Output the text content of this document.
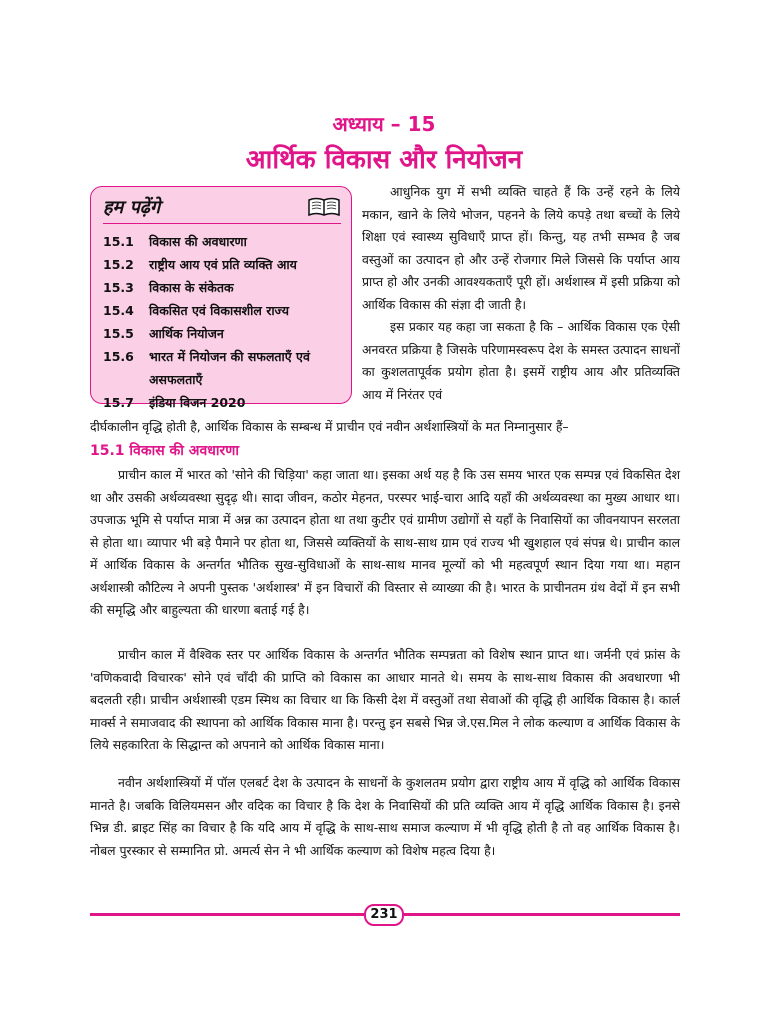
अध्याय – 15
आर्थिक विकास और नियोजन
हम पढ़ेंगे
15.1	विकास की अवधारणा
15.2	राष्ट्रीय आय एवं प्रति व्यक्ति आय
15.3	विकास के संकेतक
15.4	विकसित एवं विकासशील राज्य
15.5	आर्थिक नियोजन
15.6	भारत में नियोजन की सफलताएँ एवं असफलताएँ
15.7	इंडिया विजन 2020

आधुनिक युग में सभी व्यक्ति चाहते हैं कि उन्हें रहने के लिये मकान, खाने के लिये भोजन, पहनने के लिये कपड़े तथा बच्चों के लिये शिक्षा एवं स्वास्थ्य सुविधाएँ प्राप्त हों। किन्तु, यह तभी सम्भव है जब वस्तुओं का उत्पादन हो और उन्हें रोजगार मिले जिससे कि पर्याप्त आय प्राप्त हो और उनकी आवश्यकताएँ पूरी हों। अर्थशास्त्र में इसी प्रक्रिया को आर्थिक विकास की संज्ञा दी जाती है।

इस प्रकार यह कहा जा सकता है कि – आर्थिक विकास एक ऐसी अनवरत प्रक्रिया है जिसके परिणामस्वरूप देश के समस्त उत्पादन साधनों का कुशलतापूर्वक प्रयोग होता है। इसमें राष्ट्रीय आय और प्रतिव्यक्ति आय में निरंतर एवं

दीर्घकालीन वृद्धि होती है, आर्थिक विकास के सम्बन्ध में प्राचीन एवं नवीन अर्थशास्त्रियों के मत निम्नानुसार हैं–

15.1 विकास की अवधारणा

प्राचीन काल में भारत को 'सोने की चिड़िया' कहा जाता था। इसका अर्थ यह है कि उस समय भारत एक सम्पन्न एवं विकसित देश था और उसकी अर्थव्यवस्था सुदृढ़ थी। सादा जीवन, कठोर मेहनत, परस्पर भाई-चारा आदि यहाँ की अर्थव्यवस्था का मुख्य आधार था। उपजाऊ भूमि से पर्याप्त मात्रा में अन्न का उत्पादन होता था तथा कुटीर एवं ग्रामीण उद्योगों से यहाँ के निवासियों का जीवनयापन सरलता से होता था। व्यापार भी बड़े पैमाने पर होता था, जिससे व्यक्तियों के साथ-साथ ग्राम एवं राज्य भी खुशहाल एवं संपन्न थे। प्राचीन काल में आर्थिक विकास के अन्तर्गत भौतिक सुख-सुविधाओं के साथ-साथ मानव मूल्यों को भी महत्वपूर्ण स्थान दिया गया था। महान अर्थशास्त्री कौटिल्य ने अपनी पुस्तक 'अर्थशास्त्र' में इन विचारों की विस्तार से व्याख्या की है। भारत के प्राचीनतम ग्रंथ वेदों में इन सभी की समृद्धि और बाहुल्यता की धारणा बताई गई है।

प्राचीन काल में वैश्विक स्तर पर आर्थिक विकास के अन्तर्गत भौतिक सम्पन्नता को विशेष स्थान प्राप्त था। जर्मनी एवं फ्रांस के 'वणिकवादी विचारक' सोने एवं चाँदी की प्राप्ति को विकास का आधार मानते थे। समय के साथ-साथ विकास की अवधारणा भी बदलती रही। प्राचीन अर्थशास्त्री एडम स्मिथ का विचार था कि किसी देश में वस्तुओं तथा सेवाओं की वृद्धि ही आर्थिक विकास है। कार्ल मार्क्स ने समाजवाद की स्थापना को आर्थिक विकास माना है। परन्तु इन सबसे भिन्न जे.एस.मिल ने लोक कल्याण व आर्थिक विकास के लिये सहकारिता के सिद्धान्त को अपनाने को आर्थिक विकास माना।

नवीन अर्थशास्त्रियों में पॉल एलबर्ट देश के उत्पादन के साधनों के कुशलतम प्रयोग द्वारा राष्ट्रीय आय में वृद्धि को आर्थिक विकास मानते है। जबकि विलियमसन और वदिक का विचार है कि देश के निवासियों की प्रति व्यक्ति आय में वृद्धि आर्थिक विकास है। इनसे भिन्न डी. ब्राइट सिंह का विचार है कि यदि आय में वृद्धि के साथ-साथ समाज कल्याण में भी वृद्धि होती है तो वह आर्थिक विकास है। नोबल पुरस्कार से सम्मानित प्रो. अमर्त्य सेन ने भी आर्थिक कल्याण को विशेष महत्व दिया है।

231
